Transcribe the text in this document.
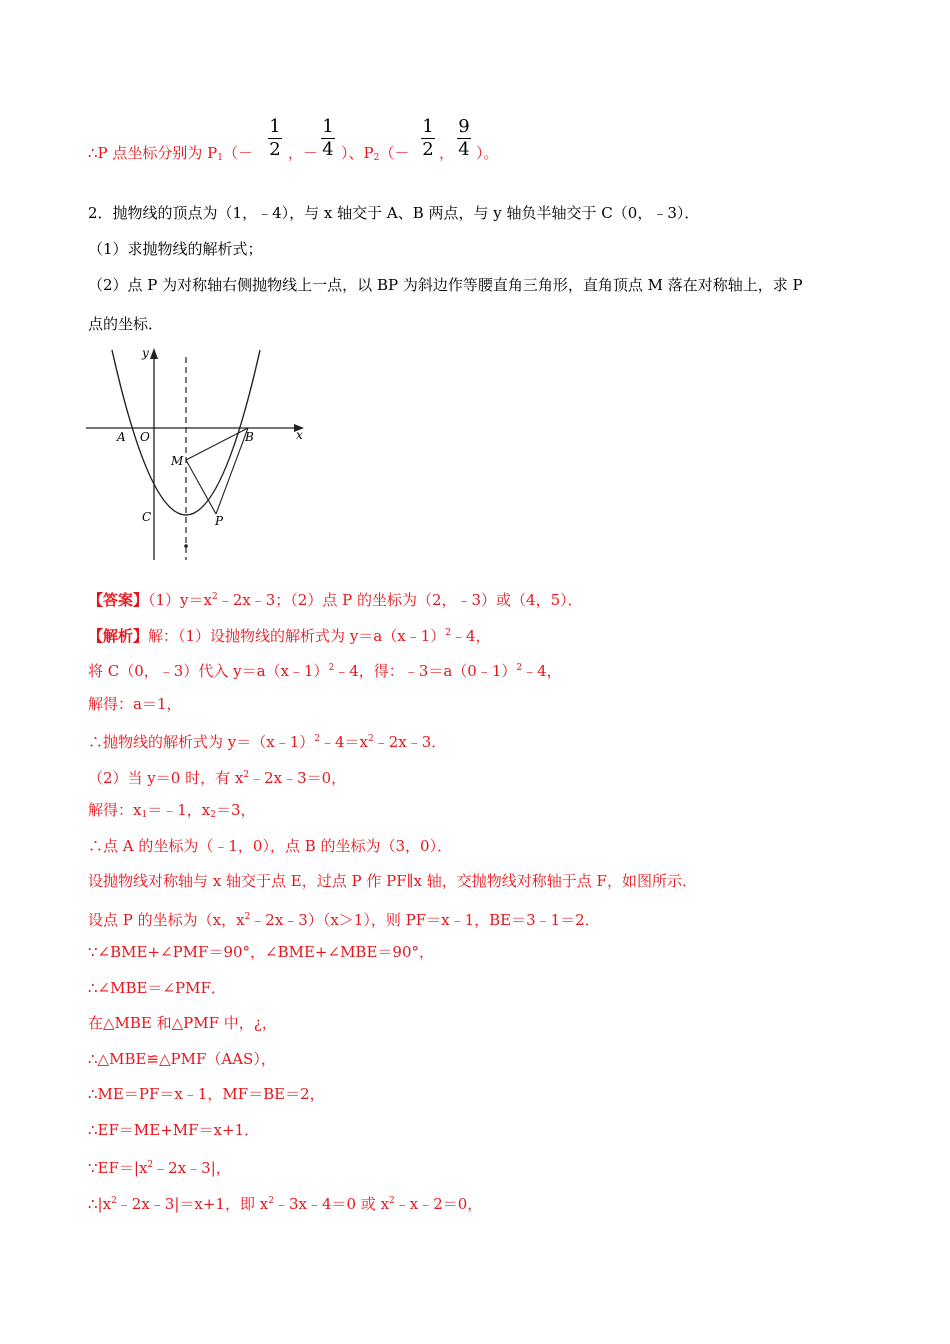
1
2
1
4
1
2
9
4
∴P 点坐标分别为 $P_1(-$ ，－ ）、$P_2(-$ ， ）。
2．抛物线的顶点为（1，﹣4），与 x 轴交于 A、B 两点，与 y 轴负半轴交于 C（0，﹣3）．
（1）求抛物线的解析式；
（2）点 P 为对称轴右侧抛物线上一点，以 BP 为斜边作等腰直角三角形，直角顶点 M 落在对称轴上，求 P
点的坐标．
y
x
A O	B
M
C	P
【答案】$(1)y=x^2﹣2x﹣3$；（2）点 P 的坐标为（2，﹣3）或（4，5）．
【解析】解：（1）设抛物线的解析式为 y＝a（x﹣1）$^2$﹣4，
将 C（0，﹣3）代入 y＝a（x﹣1）$^2$﹣4，得：﹣3＝a（0﹣1）$^2$﹣4，
解得：a＝1，
∴抛物线的解析式为 $y=(x﹣1)^2﹣4=x^2﹣2x﹣3$．
（2）当 y＝0 时，有 $x^2﹣2x﹣3=0$，
解得：$x_1=﹣1$，$x_2=3$，
∴点 A 的坐标为（﹣1，0），点 B 的坐标为（3，0）．
设抛物线对称轴与 x 轴交于点 E，过点 P 作 PF∥x 轴，交抛物线对称轴于点 F，如图所示．
设点 P 的坐标为（x，$x^2﹣2x﹣3)(x>1)$，则 PF＝x﹣1，BE＝3﹣1＝2．
∵∠BME+∠PMF＝90°，∠BME+∠MBE＝90°，
∴∠MBE＝∠PMF．
在△MBE 和△PMF 中，¿，
∴△MBE≌△PMF（AAS），
∴ME＝PF＝x﹣1，MF＝BE＝2，
∴EF＝ME+MF＝x+1．
$\because EF=|x^2﹣2x﹣3|$，
$\therefore|x^2﹣2x﹣3|=x+1$，即 $x^2﹣3x﹣4=0$ 或 $x^2﹣x﹣2=0$，
